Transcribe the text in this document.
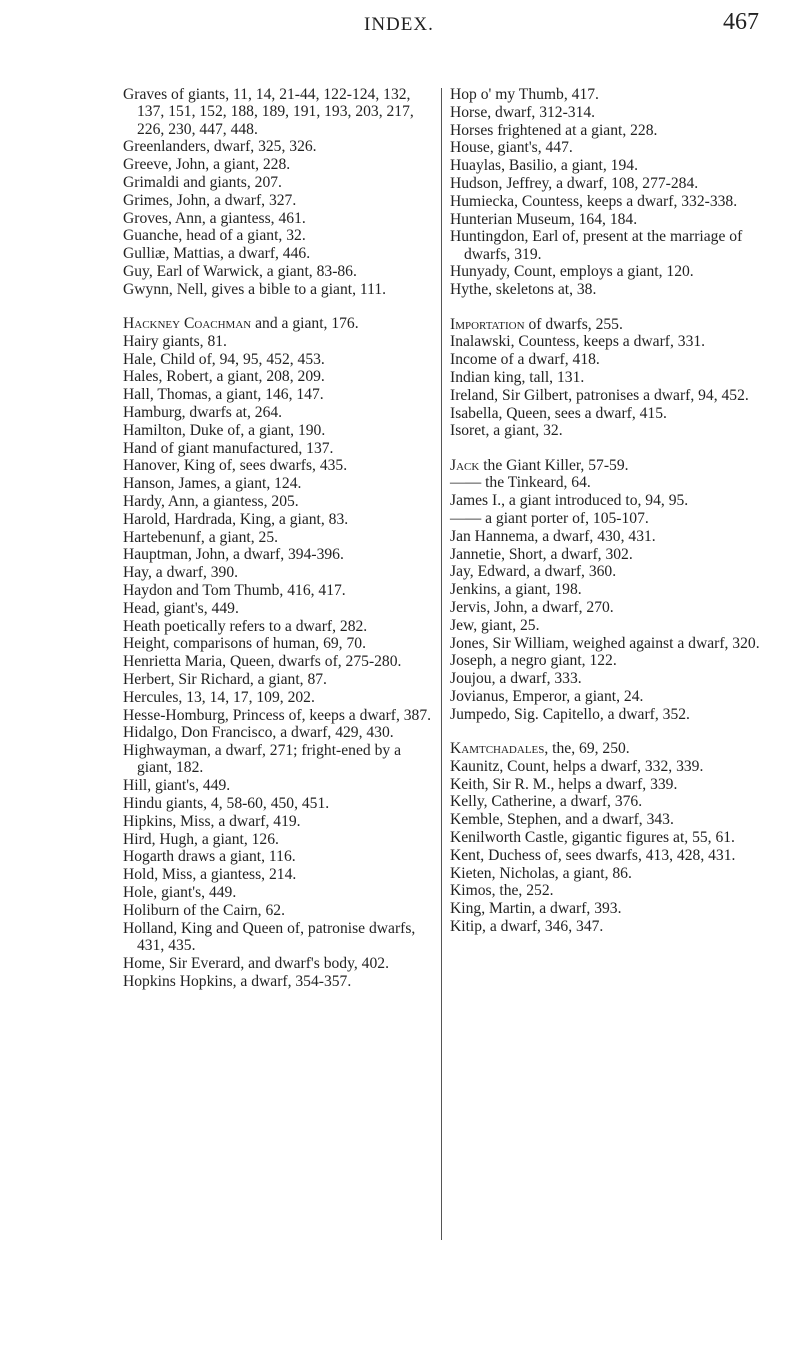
INDEX.	467
Graves of giants, 11, 14, 21-44, 122-124, 132, 137, 151, 152, 188, 189, 191, 193, 203, 217, 226, 230, 447, 448.
Greenlanders, dwarf, 325, 326.
Greeve, John, a giant, 228.
Grimaldi and giants, 207.
Grimes, John, a dwarf, 327.
Groves, Ann, a giantess, 461.
Guanche, head of a giant, 32.
Gulliæ, Mattias, a dwarf, 446.
Guy, Earl of Warwick, a giant, 83-86.
Gwynn, Nell, gives a bible to a giant, 111.
Hackney Coachman and a giant, 176.
Hairy giants, 81.
Hale, Child of, 94, 95, 452, 453.
Hales, Robert, a giant, 208, 209.
Hall, Thomas, a giant, 146, 147.
Hamburg, dwarfs at, 264.
Hamilton, Duke of, a giant, 190.
Hand of giant manufactured, 137.
Hanover, King of, sees dwarfs, 435.
Hanson, James, a giant, 124.
Hardy, Ann, a giantess, 205.
Harold, Hardrada, King, a giant, 83.
Hartebenunf, a giant, 25.
Hauptman, John, a dwarf, 394-396.
Hay, a dwarf, 390.
Haydon and Tom Thumb, 416, 417.
Head, giant's, 449.
Heath poetically refers to a dwarf, 282.
Height, comparisons of human, 69, 70.
Henrietta Maria, Queen, dwarfs of, 275-280.
Herbert, Sir Richard, a giant, 87.
Hercules, 13, 14, 17, 109, 202.
Hesse-Homburg, Princess of, keeps a dwarf, 387.
Hidalgo, Don Francisco, a dwarf, 429, 430.
Highwayman, a dwarf, 271; fright-ened by a giant, 182.
Hill, giant's, 449.
Hindu giants, 4, 58-60, 450, 451.
Hipkins, Miss, a dwarf, 419.
Hird, Hugh, a giant, 126.
Hogarth draws a giant, 116.
Hold, Miss, a giantess, 214.
Hole, giant's, 449.
Holiburn of the Cairn, 62.
Holland, King and Queen of, patronise dwarfs, 431, 435.
Home, Sir Everard, and dwarf's body, 402.
Hopkins Hopkins, a dwarf, 354-357.
Hop o' my Thumb, 417.
Horse, dwarf, 312-314.
Horses frightened at a giant, 228.
House, giant's, 447.
Huaylas, Basilio, a giant, 194.
Hudson, Jeffrey, a dwarf, 108, 277-284.
Humiecka, Countess, keeps a dwarf, 332-338.
Hunterian Museum, 164, 184.
Huntingdon, Earl of, present at the marriage of dwarfs, 319.
Hunyady, Count, employs a giant, 120.
Hythe, skeletons at, 38.
Importation of dwarfs, 255.
Inalawski, Countess, keeps a dwarf, 331.
Income of a dwarf, 418.
Indian king, tall, 131.
Ireland, Sir Gilbert, patronises a dwarf, 94, 452.
Isabella, Queen, sees a dwarf, 415.
Isoret, a giant, 32.
Jack the Giant Killer, 57-59.
—— the Tinkeard, 64.
James I., a giant introduced to, 94, 95.
—— a giant porter of, 105-107.
Jan Hannema, a dwarf, 430, 431.
Jannetie, Short, a dwarf, 302.
Jay, Edward, a dwarf, 360.
Jenkins, a giant, 198.
Jervis, John, a dwarf, 270.
Jew, giant, 25.
Jones, Sir William, weighed against a dwarf, 320.
Joseph, a negro giant, 122.
Joujou, a dwarf, 333.
Jovianus, Emperor, a giant, 24.
Jumpedo, Sig. Capitello, a dwarf, 352.
Kamtchadales, the, 69, 250.
Kaunitz, Count, helps a dwarf, 332, 339.
Keith, Sir R. M., helps a dwarf, 339.
Kelly, Catherine, a dwarf, 376.
Kemble, Stephen, and a dwarf, 343.
Kenilworth Castle, gigantic figures at, 55, 61.
Kent, Duchess of, sees dwarfs, 413, 428, 431.
Kieten, Nicholas, a giant, 86.
Kimos, the, 252.
King, Martin, a dwarf, 393.
Kitip, a dwarf, 346, 347.
